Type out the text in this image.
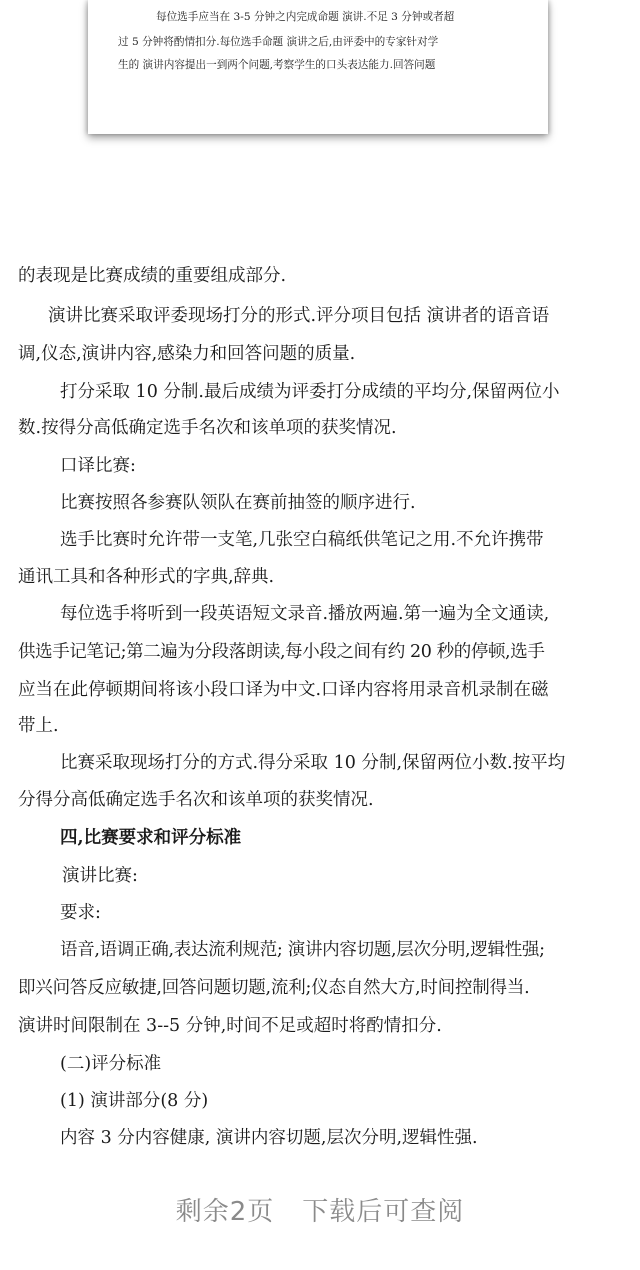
每位选手应当在 3-5 分钟之内完成命题 演讲.不足 3 分钟或者超
过 5 分钟将酌情扣分.每位选手命题 演讲之后,由评委中的专家针对学
生的 演讲内容提出一到两个问题,考察学生的口头表达能力.回答问题
的表现是比赛成绩的重要组成部分.
演讲比赛采取评委现场打分的形式.评分项目包括 演讲者的语音语
调,仪态,演讲内容,感染力和回答问题的质量.
打分采取 10 分制.最后成绩为评委打分成绩的平均分,保留两位小
数.按得分高低确定选手名次和该单项的获奖情况.
口译比赛:
比赛按照各参赛队领队在赛前抽签的顺序进行.
选手比赛时允许带一支笔,几张空白稿纸供笔记之用.不允许携带
通讯工具和各种形式的字典,辞典.
每位选手将听到一段英语短文录音.播放两遍.第一遍为全文通读,
供选手记笔记;第二遍为分段落朗读,每小段之间有约 20 秒的停顿,选手
应当在此停顿期间将该小段口译为中文.口译内容将用录音机录制在磁
带上.
比赛采取现场打分的方式.得分采取 10 分制,保留两位小数.按平均
分得分高低确定选手名次和该单项的获奖情况.
四,比赛要求和评分标准
演讲比赛:
要求:
语音,语调正确,表达流利规范; 演讲内容切题,层次分明,逻辑性强;
即兴问答反应敏捷,回答问题切题,流利;仪态自然大方,时间控制得当.
演讲时间限制在 3--5 分钟,时间不足或超时将酌情扣分.
(二)评分标准
(1) 演讲部分(8 分)
内容 3 分内容健康, 演讲内容切题,层次分明,逻辑性强.
剩余2页 下载后可查阅
